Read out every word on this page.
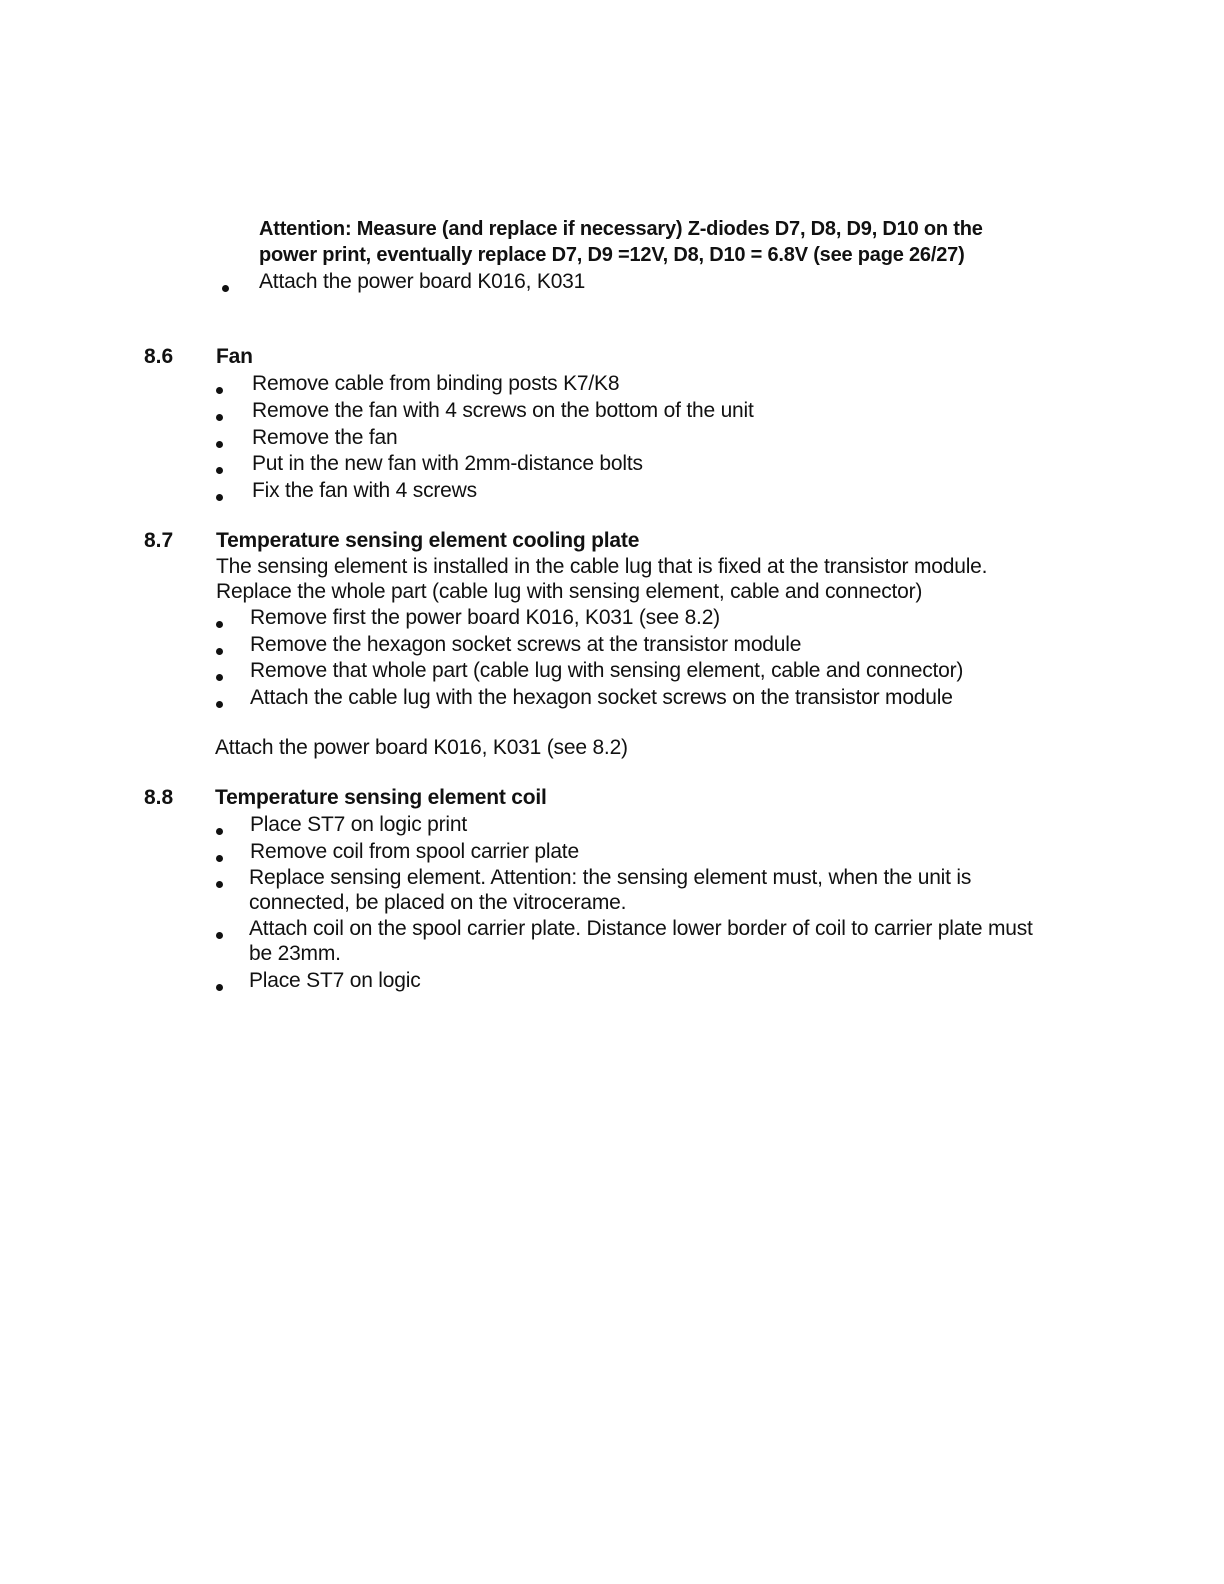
Attention: Measure (and replace if necessary) Z-diodes D7, D8, D9, D10 on the
power print, eventually replace D7, D9 =12V, D8, D10 = 6.8V (see page 26/27)
Attach the power board K016, K031
8.6 Fan
Remove cable from binding posts K7/K8
Remove the fan with 4 screws on the bottom of the unit
Remove the fan
Put in the new fan with 2mm-distance bolts
Fix the fan with 4 screws
8.7 Temperature sensing element cooling plate
The sensing element is installed in the cable lug that is fixed at the transistor module.
Replace the whole part (cable lug with sensing element, cable and connector)
Remove first the power board K016, K031 (see 8.2)
Remove the hexagon socket screws at the transistor module
Remove that whole part (cable lug with sensing element, cable and connector)
Attach the cable lug with the hexagon socket screws on the transistor module
Attach the power board K016, K031 (see 8.2)
8.8 Temperature sensing element coil
Place ST7 on logic print
Remove coil from spool carrier plate
Replace sensing element. Attention: the sensing element must, when the unit is
connected, be placed on the vitrocerame.
Attach coil on the spool carrier plate. Distance lower border of coil to carrier plate must
be 23mm.
Place ST7 on logic
